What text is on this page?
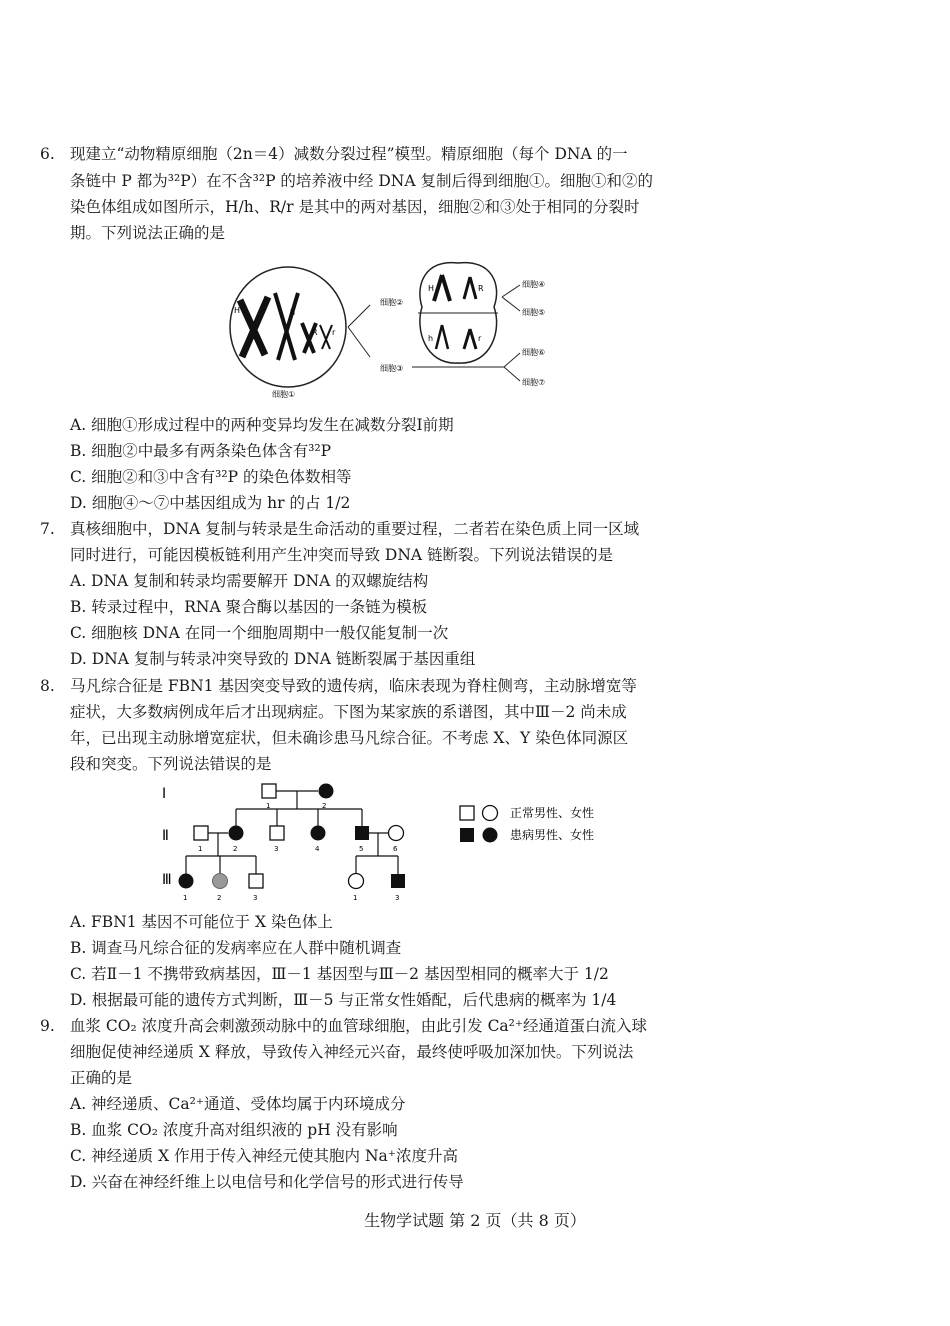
6. 现建立“动物精原细胞（2n＝4）减数分裂过程”模型。精原细胞（每个 DNA 的一
条链中 P 都为³²P）在不含³²P 的培养液中经 DNA 复制后得到细胞①。细胞①和②的
染色体组成如图所示，H/h、R/r 是其中的两对基因，细胞②和③处于相同的分裂时
期。下列说法正确的是
H	h
R r
细胞①
细胞②
细胞③
H	R
h	r
细胞④
细胞⑤
细胞⑥
细胞⑦
A. 细胞①形成过程中的两种变异均发生在减数分裂Ⅰ前期
B. 细胞②中最多有两条染色体含有³²P
C. 细胞②和③中含有³²P 的染色体数相等
D. 细胞④～⑦中基因组成为 hr 的占 1/2
7. 真核细胞中，DNA 复制与转录是生命活动的重要过程，二者若在染色质上同一区域
同时进行，可能因模板链利用产生冲突而导致 DNA 链断裂。下列说法错误的是
A. DNA 复制和转录均需要解开 DNA 的双螺旋结构
B. 转录过程中，RNA 聚合酶以基因的一条链为模板
C. 细胞核 DNA 在同一个细胞周期中一般仅能复制一次
D. DNA 复制与转录冲突导致的 DNA 链断裂属于基因重组
8. 马凡综合征是 FBN1 基因突变导致的遗传病，临床表现为脊柱侧弯，主动脉增宽等
症状，大多数病例成年后才出现病症。下图为某家族的系谱图，其中Ⅲ－2 尚未成
年，已出现主动脉增宽症状，但未确诊患马凡综合征。不考虑 X、Y 染色体同源区
段和突变。下列说法错误的是
Ⅰ
Ⅱ
Ⅲ
1	2
1	2	3	4	5	6
1	2	3	1	3
正常男性、女性
患病男性、女性
A. FBN1 基因不可能位于 X 染色体上
B. 调查马凡综合征的发病率应在人群中随机调查
C. 若Ⅱ－1 不携带致病基因，Ⅲ－1 基因型与Ⅲ－2 基因型相同的概率大于 1/2
D. 根据最可能的遗传方式判断，Ⅲ－5 与正常女性婚配，后代患病的概率为 1/4
9. 血浆 CO₂ 浓度升高会刺激颈动脉中的血管球细胞，由此引发 Ca²⁺经通道蛋白流入球
细胞促使神经递质 X 释放，导致传入神经元兴奋，最终使呼吸加深加快。下列说法
正确的是
A. 神经递质、Ca²⁺通道、受体均属于内环境成分
B. 血浆 CO₂ 浓度升高对组织液的 pH 没有影响
C. 神经递质 X 作用于传入神经元使其胞内 Na⁺浓度升高
D. 兴奋在神经纤维上以电信号和化学信号的形式进行传导
生物学试题 第 2 页（共 8 页）
